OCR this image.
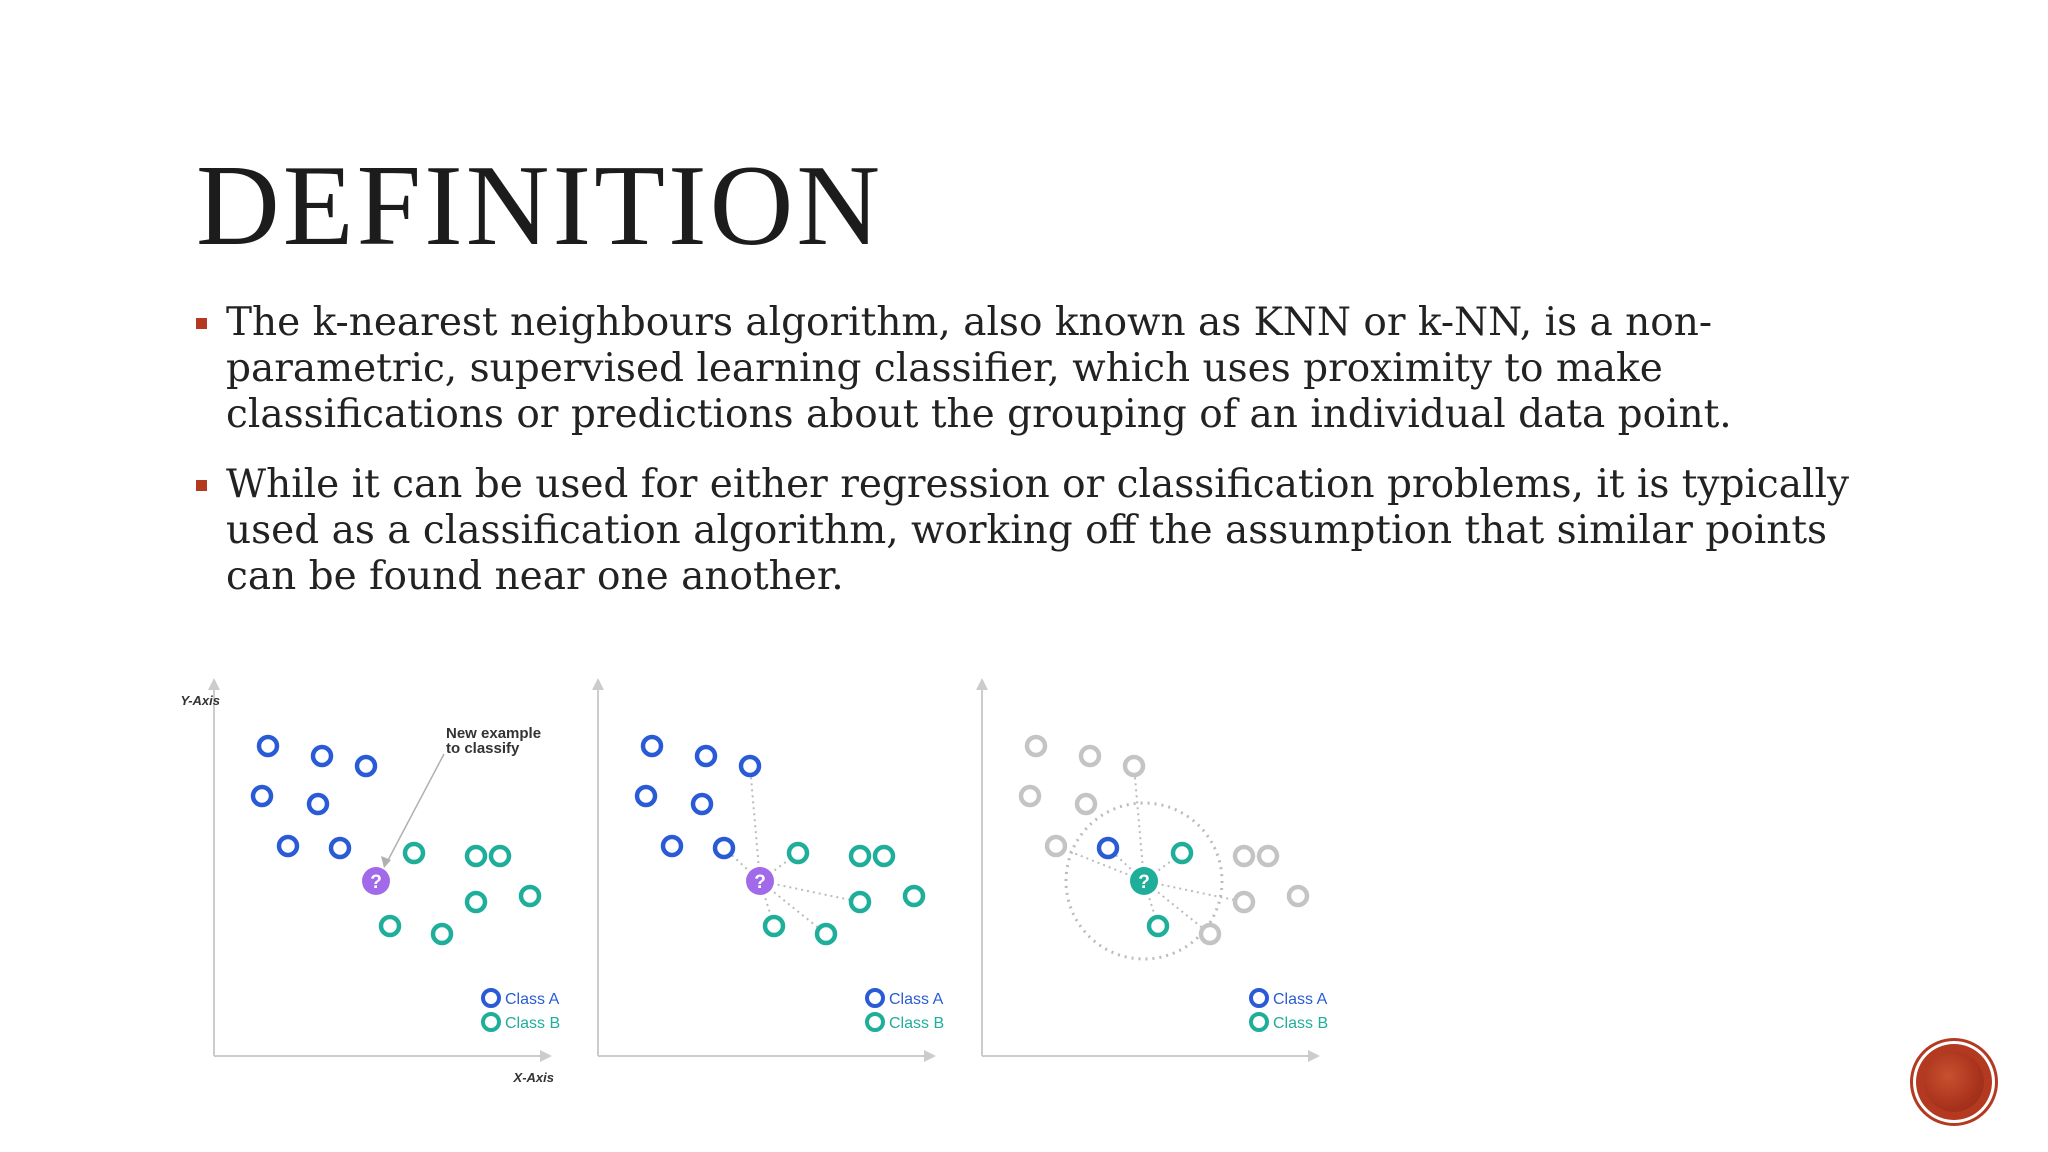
DEFINITION
The k-nearest neighbours algorithm, also known as KNN or k-NN, is a non-
parametric, supervised learning classifier, which uses proximity to make
classifications or predictions about the grouping of an individual data point.
While it can be used for either regression or classification problems, it is typically
used as a classification algorithm, working off the assumption that similar points
can be found near one another.
?
Class A
Class B
?
Class A
Class B
?
Class A
Class B
New example
to classify
Y-Axis
X-Axis
